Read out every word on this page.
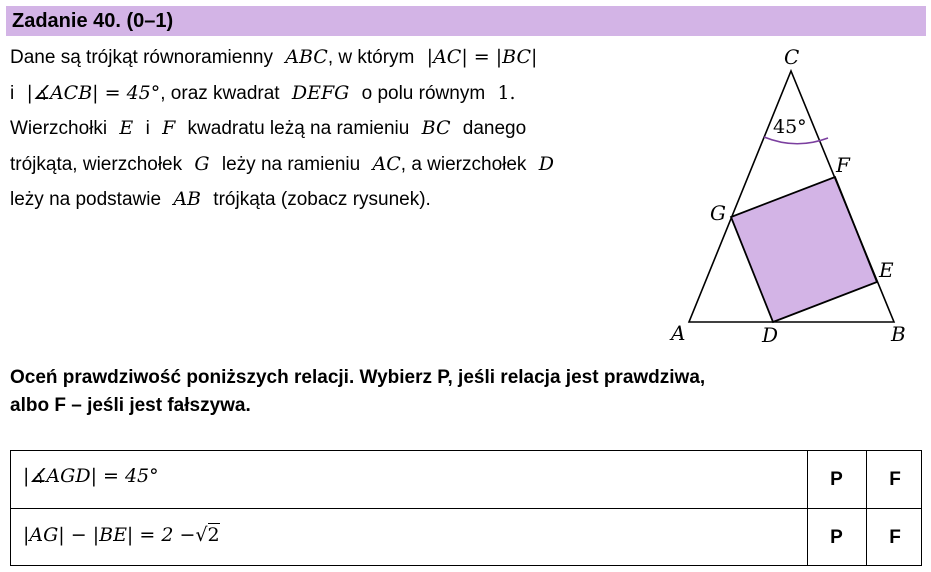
Zadanie 40. (0–1)
Dane są trójkąt równoramienny ABC, w którym |AC| = |BC|
i |∡ACB| = 45°, oraz kwadrat DEFG o polu równym 1.
Wierzchołki E i F kwadratu leżą na ramieniu BC danego
trójkąta, wierzchołek G leży na ramieniu AC, a wierzchołek D
leży na podstawie AB trójkąta (zobacz rysunek).
C
A	B
D
E
F
G
45°
Oceń prawdziwość poniższych relacji. Wybierz P, jeśli relacja jest prawdziwa,
albo F – jeśli jest fałszywa.
|∡AGD| = 45°	P	F
|AG| − |BE| = 2 −√2	P	F
